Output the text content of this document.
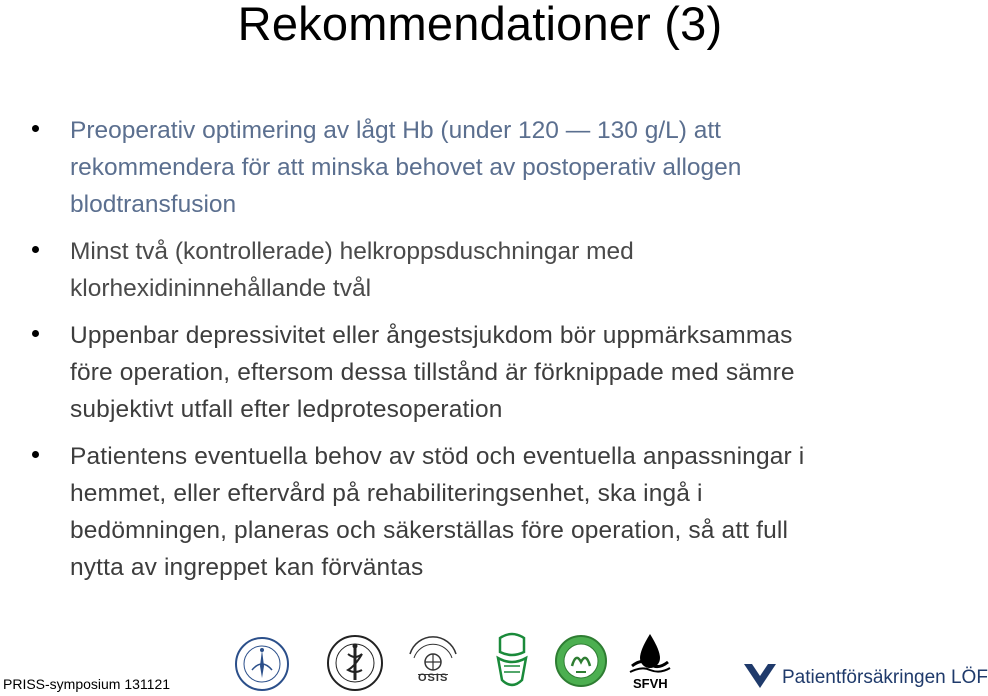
Rekommendationer (3)
Preoperativ optimering av lågt Hb (under 120 — 130 g/L) att
rekommendera för att minska behovet av postoperativ allogen
blodtransfusion
Minst två (kontrollerade) helkroppsduschningar med
klorhexidininnehållande tvål
Uppenbar depressivitet eller ångestsjukdom bör uppmärksammas
före operation, eftersom dessa tillstånd är förknippade med sämre
subjektivt utfall efter ledprotesoperation
Patientens eventuella behov av stöd och eventuella anpassningar i
hemmet, eller eftervård på rehabiliteringsenhet, ska ingå i
bedömningen, planeras och säkerställas före operation, så att full
nytta av ingreppet kan förväntas
PRISS-symposium 131121	OSIS	SFVH	Patientförsäkringen LÖF
